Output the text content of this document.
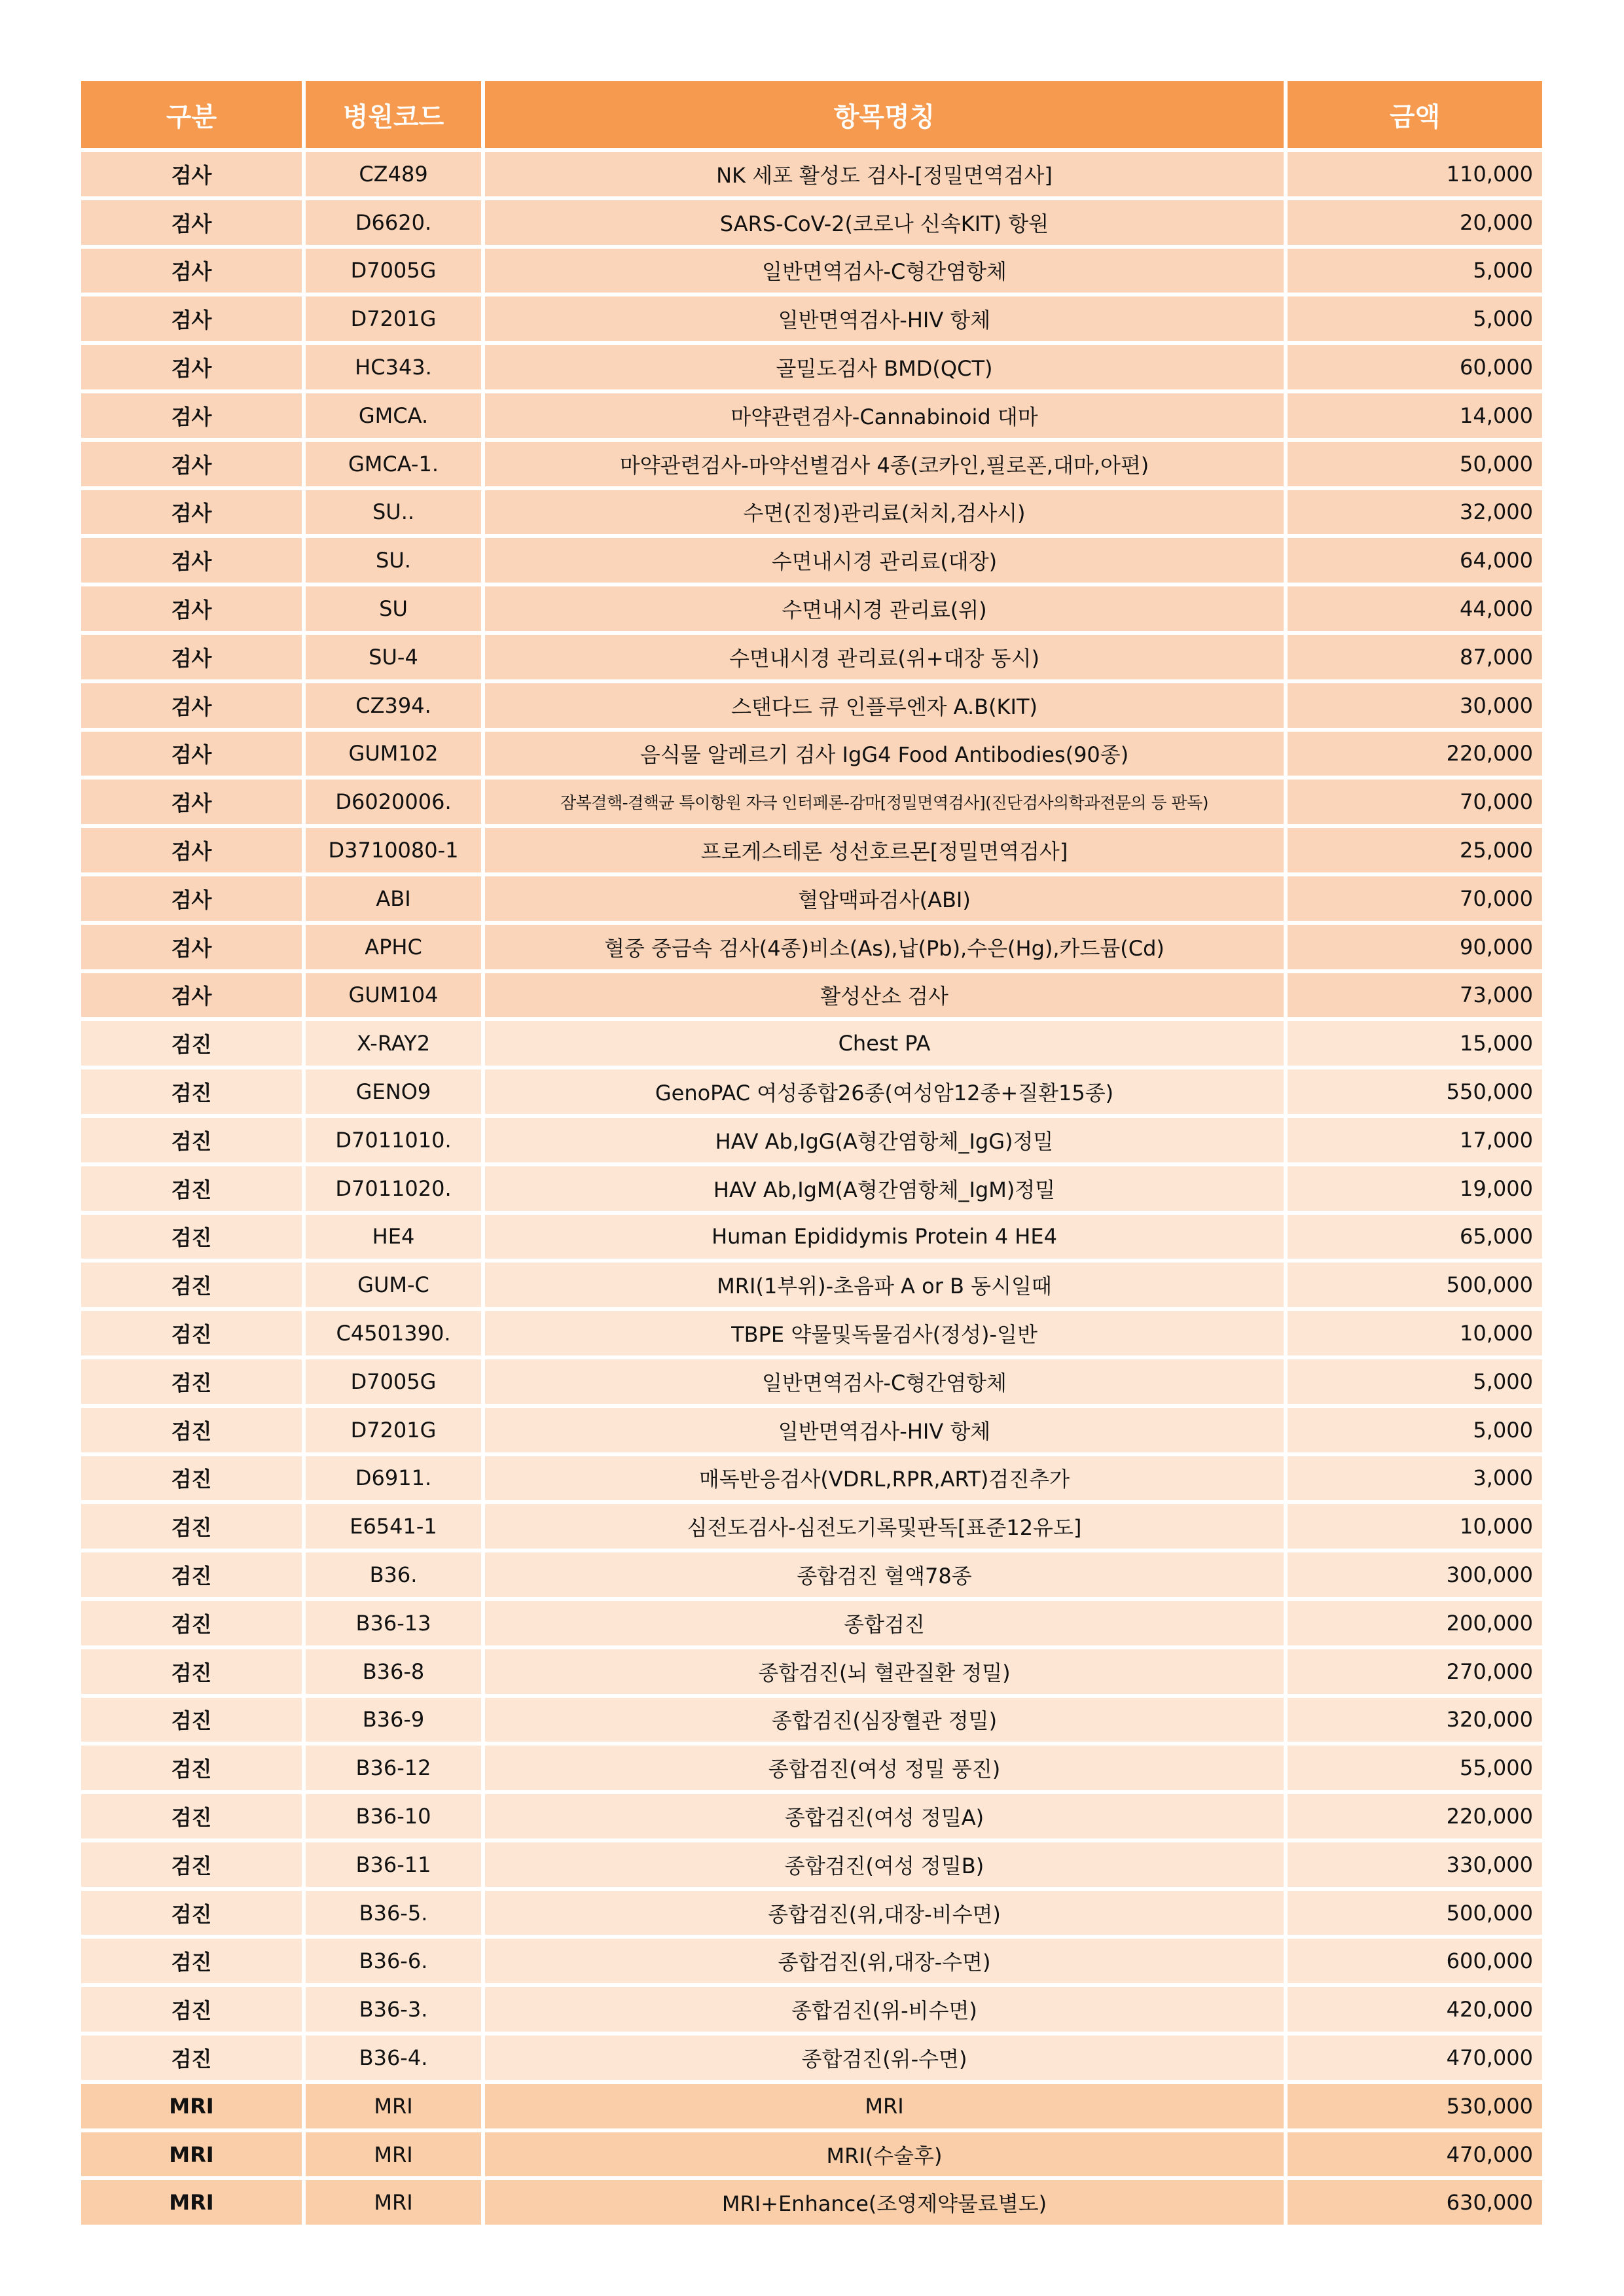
구분	병원코드	항목명칭	금액
검사	CZ489	NK 세포 활성도 검사-[정밀면역검사]	110,000
검사	D6620.	SARS-CoV-2(코로나 신속KIT) 항원	20,000
검사	D7005G	일반면역검사-C형간염항체	5,000
검사	D7201G	일반면역검사-HIV 항체	5,000
검사	HC343.	골밀도검사 BMD(QCT)	60,000
검사	GMCA.	마약관련검사-Cannabinoid 대마	14,000
검사	GMCA-1.	마약관련검사-마약선별검사 4종(코카인,필로폰,대마,아편)	50,000
검사	SU..	수면(진정)관리료(처치,검사시)	32,000
검사	SU.	수면내시경 관리료(대장)	64,000
검사	SU	수면내시경 관리료(위)	44,000
검사	SU-4	수면내시경 관리료(위+대장 동시)	87,000
검사	CZ394.	스탠다드 큐 인플루엔자 A.B(KIT)	30,000
검사	GUM102	음식물 알레르기 검사 IgG4 Food Antibodies(90종)	220,000
검사	D6020006.	잠복결핵-결핵균 특이항원 자극 인터페론-감마[정밀면역검사](진단검사의학과전문의 등 판독)	70,000
검사	D3710080-1	프로게스테론 성선호르몬[정밀면역검사]	25,000
검사	ABI	혈압맥파검사(ABI)	70,000
검사	APHC	혈중 중금속 검사(4종)비소(As),납(Pb),수은(Hg),카드뮴(Cd)	90,000
검사	GUM104	활성산소 검사	73,000
검진	X-RAY2	Chest PA	15,000
검진	GENO9	GenoPAC 여성종합26종(여성암12종+질환15종)	550,000
검진	D7011010.	HAV Ab,IgG(A형간염항체_IgG)정밀	17,000
검진	D7011020.	HAV Ab,IgM(A형간염항체_IgM)정밀	19,000
검진	HE4	Human Epididymis Protein 4 HE4	65,000
검진	GUM-C	MRI(1부위)-초음파 A or B 동시일때	500,000
검진	C4501390.	TBPE 약물및독물검사(정성)-일반	10,000
검진	D7005G	일반면역검사-C형간염항체	5,000
검진	D7201G	일반면역검사-HIV 항체	5,000
검진	D6911.	매독반응검사(VDRL,RPR,ART)검진추가	3,000
검진	E6541-1	심전도검사-심전도기록및판독[표준12유도]	10,000
검진	B36.	종합검진 혈액78종	300,000
검진	B36-13	종합검진	200,000
검진	B36-8	종합검진(뇌 혈관질환 정밀)	270,000
검진	B36-9	종합검진(심장혈관 정밀)	320,000
검진	B36-12	종합검진(여성 정밀 풍진)	55,000
검진	B36-10	종합검진(여성 정밀A)	220,000
검진	B36-11	종합검진(여성 정밀B)	330,000
검진	B36-5.	종합검진(위,대장-비수면)	500,000
검진	B36-6.	종합검진(위,대장-수면)	600,000
검진	B36-3.	종합검진(위-비수면)	420,000
검진	B36-4.	종합검진(위-수면)	470,000
MRI	MRI	MRI	530,000
MRI	MRI	MRI(수술후)	470,000
MRI	MRI	MRI+Enhance(조영제약물료별도)	630,000
